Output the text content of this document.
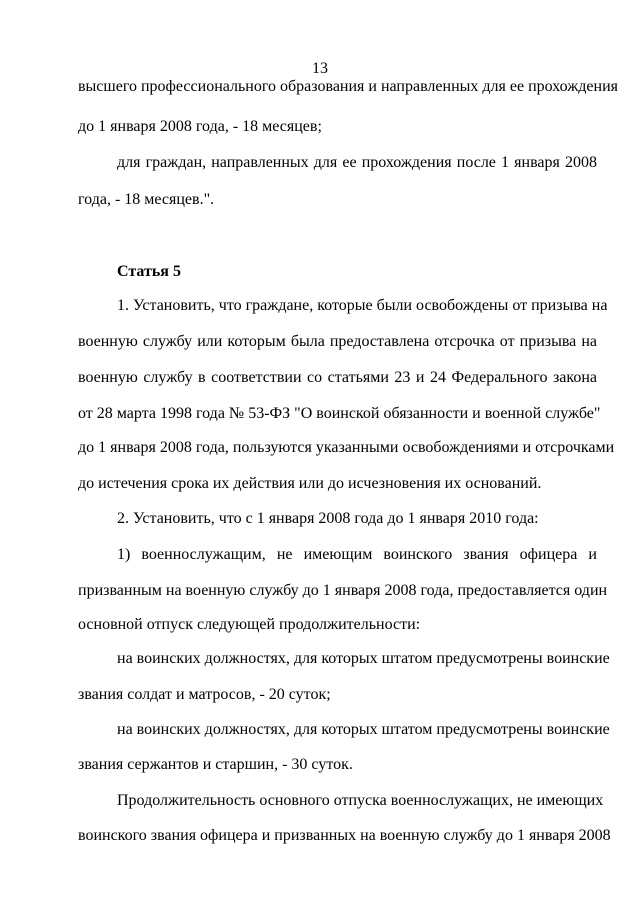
13
высшего профессионального образования и направленных для ее прохождения
до 1 января 2008 года, - 18 месяцев;
для граждан, направленных для ее прохождения после 1 января 2008
года, - 18 месяцев.".
Статья 5
1. Установить, что граждане, которые были освобождены от призыва на
военную службу или которым была предоставлена отсрочка от призыва на
военную службу в соответствии со статьями 23 и 24 Федерального закона
от 28 марта 1998 года № 53-ФЗ "О воинской обязанности и военной службе"
до 1 января 2008 года, пользуются указанными освобождениями и отсрочками
до истечения срока их действия или до исчезновения их оснований.
2. Установить, что с 1 января 2008 года до 1 января 2010 года:
1) военнослужащим, не имеющим воинского звания офицера и
призванным на военную службу до 1 января 2008 года, предоставляется один
основной отпуск следующей продолжительности:
на воинских должностях, для которых штатом предусмотрены воинские
звания солдат и матросов, - 20 суток;
на воинских должностях, для которых штатом предусмотрены воинские
звания сержантов и старшин, - 30 суток.
Продолжительность основного отпуска военнослужащих, не имеющих
воинского звания офицера и призванных на военную службу до 1 января 2008
